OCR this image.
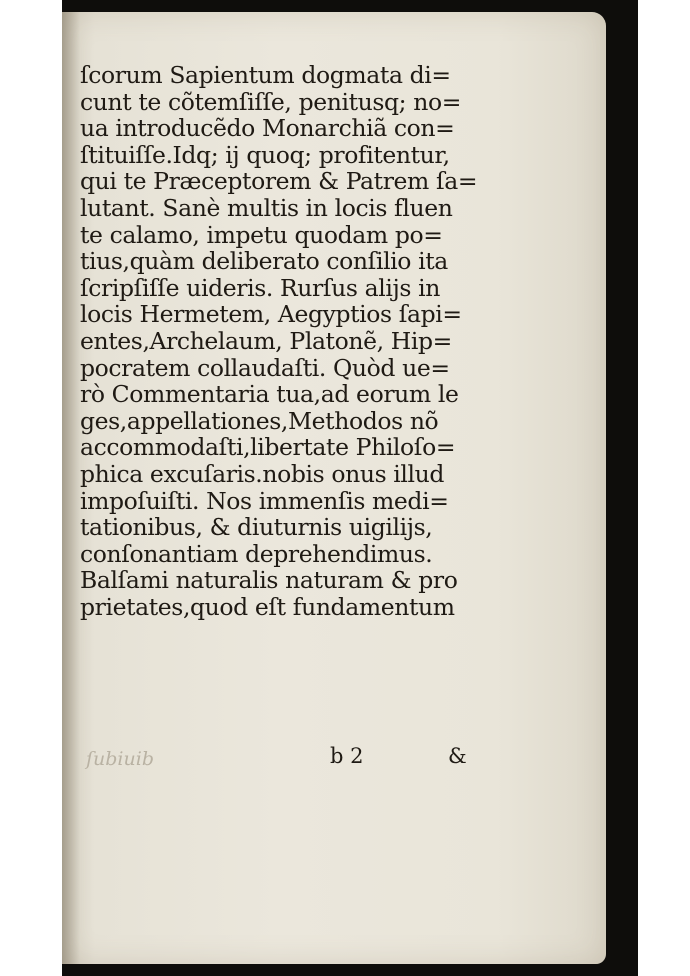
ſcorum Sapientum dogmata di=
cunt te cõtemſiſſe, penitusq; no=
ua introducẽdo Monarchiã con=
ſtituiſſe.Idq; ij quoq; profitentur,
qui te Præceptorem & Patrem ſa=
lutant. Sanè multis in locis fluen
te calamo, impetu quodam po=
tius,quàm deliberato conſilio ita
ſcripſiſſe uideris. Rurſus alijs in
locis Hermetem, Aegyptios ſapi=
entes,Archelaum, Platonẽ, Hip=
pocratem collaudaſti. Quòd ue=
rò Commentaria tua,ad eorum le
ges,appellationes,Methodos nõ
accommodaſti,libertate Philoſo=
phica excuſaris.nobis onus illud
impoſuiſti. Nos immenſis medi=
tationibus, & diuturnis uigilijs,
conſonantiam deprehendimus.
Balſami naturalis naturam & pro
prietates,quod eſt fundamentum
ſubiuib	b 2	&
